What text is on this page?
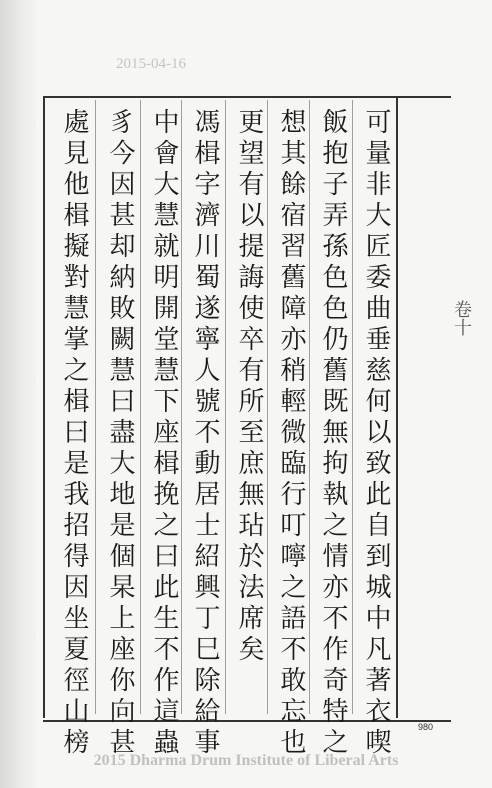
2015-04-16
可量非大匠委曲垂慈何以致此自到城中凡著衣喫
飯抱子弄孫色色仍舊既無拘執之情亦不作奇特之
想其餘宿習舊障亦稍輕微臨行叮嚀之語不敢忘也
更望有以提誨使卒有所至庶無玷於法席矣
馮楫字濟川蜀遂寧人號不動居士紹興丁巳除給事
中會大慧就明開堂慧下座楫挽之曰此生不作這蟲
豸今因甚却納敗闕慧曰盡大地是個杲上座你向甚
處見他楫擬對慧掌之楫曰是我招得因坐夏徑山榜	卷十
980
2015 Dharma Drum Institute of Liberal Arts
